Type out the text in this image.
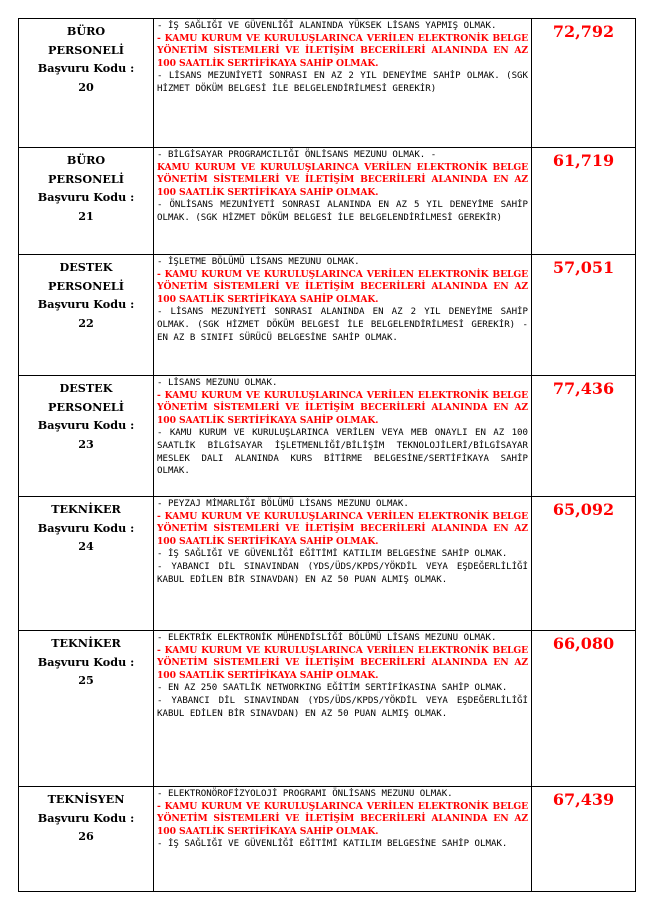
BÜRO
PERSONELİ
Başvuru Kodu :
20
- İŞ SAĞLIĞI VE GÜVENLİĞİ ALANINDA YÜKSEK LİSANS YAPMIŞ OLMAK.
- KAMU KURUM VE KURULUŞLARINCA VERİLEN ELEKTRONİK BELGE YÖNETİM SİSTEMLERİ VE İLETİŞİM BECERİLERİ ALANINDA EN AZ 100 SAATLİK SERTİFİKAYA SAHİP OLMAK.
- LİSANS MEZUNİYETİ SONRASI EN AZ 2 YIL DENEYİME SAHİP OLMAK. (SGK HİZMET DÖKÜM BELGESİ İLE BELGELENDİRİLMESİ GEREKİR)
72,792
BÜRO
PERSONELİ
Başvuru Kodu :
21
- BİLGİSAYAR PROGRAMCILIĞI ÖNLİSANS MEZUNU OLMAK. -
KAMU KURUM VE KURULUŞLARINCA VERİLEN ELEKTRONİK BELGE YÖNETİM SİSTEMLERİ VE İLETİŞİM BECERİLERİ ALANINDA EN AZ 100 SAATLİK SERTİFİKAYA SAHİP OLMAK.
- ÖNLİSANS MEZUNİYETİ SONRASI ALANINDA EN AZ 5 YIL DENEYİME SAHİP OLMAK. (SGK HİZMET DÖKÜM BELGESİ İLE BELGELENDİRİLMESİ GEREKİR)
61,719
DESTEK
PERSONELİ
Başvuru Kodu :
22
- İŞLETME BÖLÜMÜ LİSANS MEZUNU OLMAK.
- KAMU KURUM VE KURULUŞLARINCA VERİLEN ELEKTRONİK BELGE YÖNETİM SİSTEMLERİ VE İLETİŞİM BECERİLERİ ALANINDA EN AZ 100 SAATLİK SERTİFİKAYA SAHİP OLMAK.
- LİSANS MEZUNİYETİ SONRASI ALANINDA EN AZ 2 YIL DENEYİME SAHİP OLMAK. (SGK HİZMET DÖKÜM BELGESİ İLE BELGELENDİRİLMESİ GEREKİR) - EN AZ B SINIFI SÜRÜCÜ BELGESİNE SAHİP OLMAK.
57,051
DESTEK
PERSONELİ
Başvuru Kodu :
23
- LİSANS MEZUNU OLMAK.
- KAMU KURUM VE KURULUŞLARINCA VERİLEN ELEKTRONİK BELGE YÖNETİM SİSTEMLERİ VE İLETİŞİM BECERİLERİ ALANINDA EN AZ 100 SAATLİK SERTİFİKAYA SAHİP OLMAK.
- KAMU KURUM VE KURULUŞLARINCA VERİLEN VEYA MEB ONAYLI EN AZ 100 SAATLİK BİLGİSAYAR İŞLETMENLİĞİ/BİLİŞİM TEKNOLOJİLERİ/BİLGİSAYAR MESLEK DALI ALANINDA KURS BİTİRME BELGESİNE/SERTİFİKAYA SAHİP OLMAK.
77,436
TEKNİKER
Başvuru Kodu :
24
- PEYZAJ MİMARLIĞI BÖLÜMÜ LİSANS MEZUNU OLMAK.
- KAMU KURUM VE KURULUŞLARINCA VERİLEN ELEKTRONİK BELGE YÖNETİM SİSTEMLERİ VE İLETİŞİM BECERİLERİ ALANINDA EN AZ 100 SAATLİK SERTİFİKAYA SAHİP OLMAK.
- İŞ SAĞLIĞI VE GÜVENLİĞİ EĞİTİMİ KATILIM BELGESİNE SAHİP OLMAK.
- YABANCI DİL SINAVINDAN (YDS/ÜDS/KPDS/YÖKDİL VEYA EŞDEĞERLİLİĞİ KABUL EDİLEN BİR SINAVDAN) EN AZ 50 PUAN ALMIŞ OLMAK.
65,092
TEKNİKER
Başvuru Kodu :
25
- ELEKTRİK ELEKTRONİK MÜHENDİSLİĞİ BÖLÜMÜ LİSANS MEZUNU OLMAK.
- KAMU KURUM VE KURULUŞLARINCA VERİLEN ELEKTRONİK BELGE YÖNETİM SİSTEMLERİ VE İLETİŞİM BECERİLERİ ALANINDA EN AZ 100 SAATLİK SERTİFİKAYA SAHİP OLMAK.
- EN AZ 250 SAATLİK NETWORKING EĞİTİM SERTİFİKASINA SAHİP OLMAK.
- YABANCI DİL SINAVINDAN (YDS/ÜDS/KPDS/YÖKDİL VEYA EŞDEĞERLİLİĞİ KABUL EDİLEN BİR SINAVDAN) EN AZ 50 PUAN ALMIŞ OLMAK.
66,080
TEKNİSYEN
Başvuru Kodu :
26
- ELEKTRONÖROFİZYOLOJİ PROGRAMI ÖNLİSANS MEZUNU OLMAK.
- KAMU KURUM VE KURULUŞLARINCA VERİLEN ELEKTRONİK BELGE YÖNETİM SİSTEMLERİ VE İLETİŞİM BECERİLERİ ALANINDA EN AZ 100 SAATLİK SERTİFİKAYA SAHİP OLMAK.
- İŞ SAĞLIĞI VE GÜVENLİĞİ EĞİTİMİ KATILIM BELGESİNE SAHİP OLMAK.
67,439
